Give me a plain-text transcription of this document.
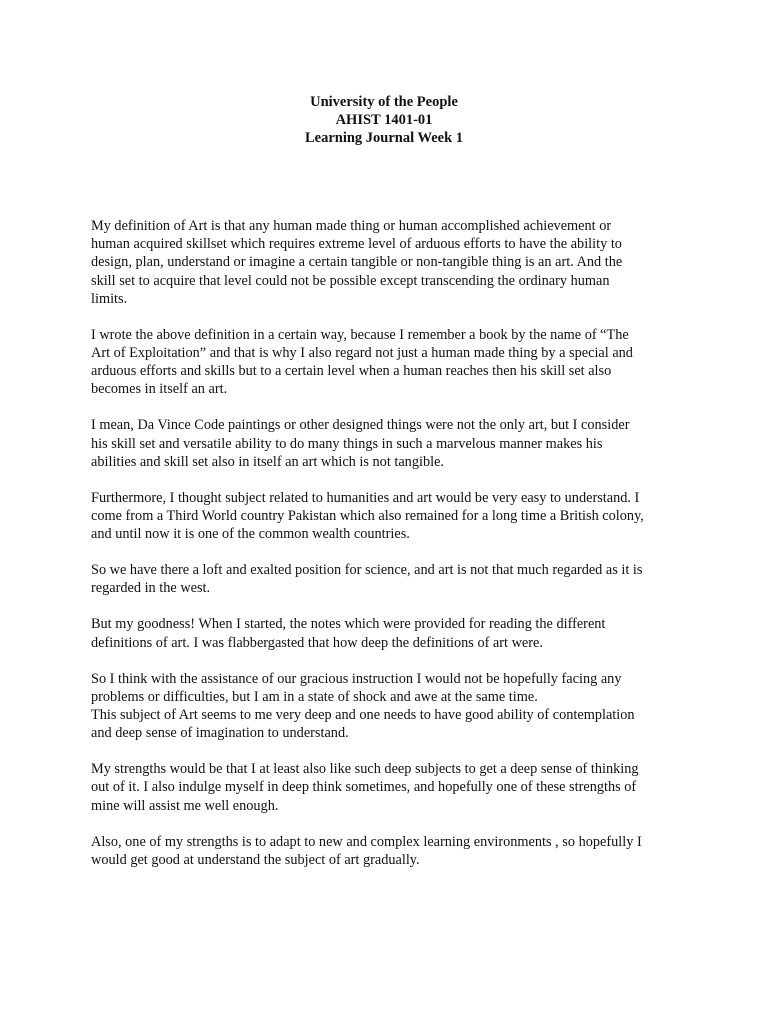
University of the People
AHIST 1401-01
Learning Journal Week 1
My definition of Art is that any human made thing or human accomplished achievement or
human acquired skillset which requires extreme level of arduous efforts to have the ability to
design, plan, understand or imagine a certain tangible or non-tangible thing is an art. And the
skill set to acquire that level could not be possible except transcending the ordinary human
limits.
I wrote the above definition in a certain way, because I remember a book by the name of “The
Art of Exploitation” and that is why I also regard not just a human made thing by a special and
arduous efforts and skills but to a certain level when a human reaches then his skill set also
becomes in itself an art.
I mean, Da Vince Code paintings or other designed things were not the only art, but I consider
his skill set and versatile ability to do many things in such a marvelous manner makes his
abilities and skill set also in itself an art which is not tangible.
Furthermore, I thought subject related to humanities and art would be very easy to understand. I
come from a Third World country Pakistan which also remained for a long time a British colony,
and until now it is one of the common wealth countries.
So we have there a loft and exalted position for science, and art is not that much regarded as it is
regarded in the west.
But my goodness! When I started, the notes which were provided for reading the different
definitions of art. I was flabbergasted that how deep the definitions of art were.
So I think with the assistance of our gracious instruction I would not be hopefully facing any
problems or difficulties, but I am in a state of shock and awe at the same time.
This subject of Art seems to me very deep and one needs to have good ability of contemplation
and deep sense of imagination to understand.
My strengths would be that I at least also like such deep subjects to get a deep sense of thinking
out of it. I also indulge myself in deep think sometimes, and hopefully one of these strengths of
mine will assist me well enough.
Also, one of my strengths is to adapt to new and complex learning environments , so hopefully I
would get good at understand the subject of art gradually.
